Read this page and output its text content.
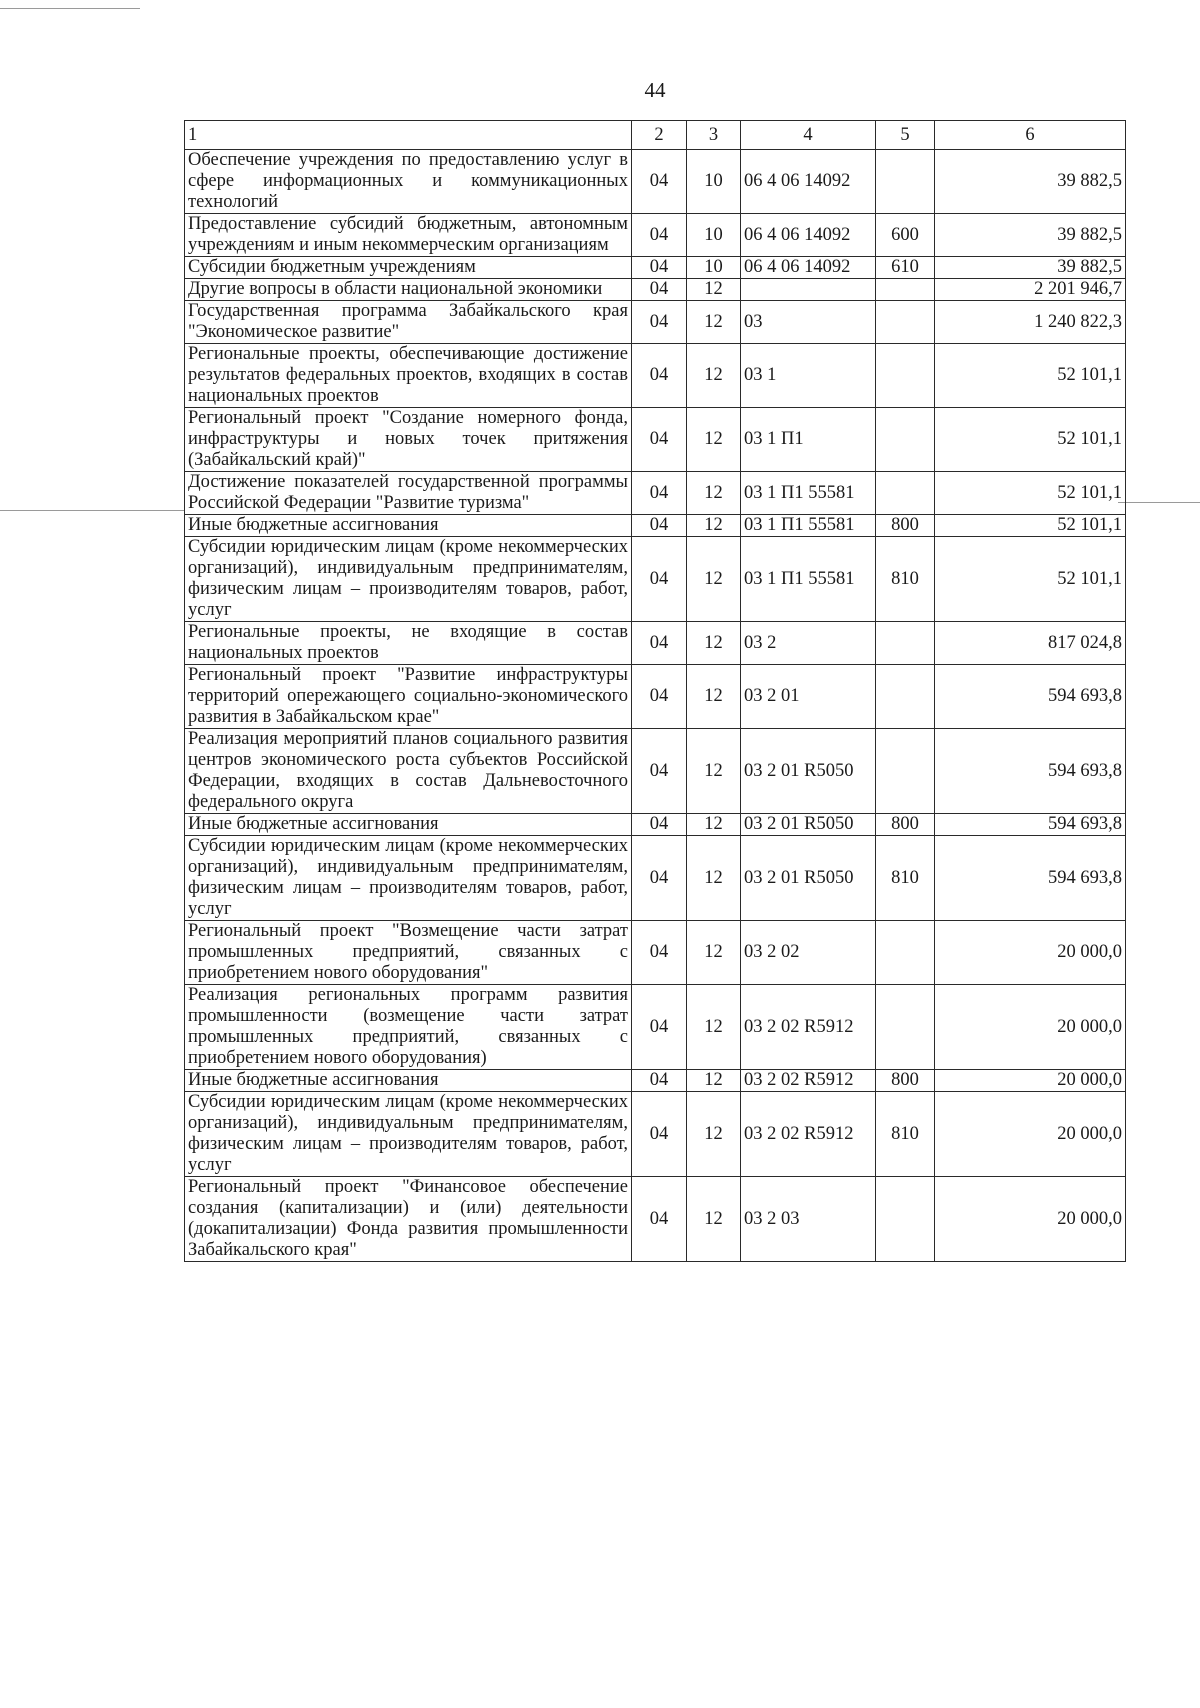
44
1	2	3	4	5	6
Обеспечение учреждения по предоставлению услуг в сфере информационных и коммуникационных технологий	04	10	06 4 06 14092		39 882,5
Предоставление субсидий бюджетным, автономным учреждениям и иным некоммерческим организациям	04	10	06 4 06 14092	600	39 882,5
Субсидии бюджетным учреждениям	04	10	06 4 06 14092	610	39 882,5
Другие вопросы в области национальной экономики	04	12			2 201 946,7
Государственная программа Забайкальского края "Экономическое развитие"	04	12	03		1 240 822,3
Региональные проекты, обеспечивающие достижение результатов федеральных проектов, входящих в состав национальных проектов	04	12	03 1		52 101,1
Региональный проект "Создание номерного фонда, инфраструктуры и новых точек притяжения (Забайкальский край)"	04	12	03 1 П1		52 101,1
Достижение показателей государственной программы Российской Федерации "Развитие туризма"	04	12	03 1 П1 55581		52 101,1
Иные бюджетные ассигнования	04	12	03 1 П1 55581	800	52 101,1
Субсидии юридическим лицам (кроме некоммерческих организаций), индивидуальным предпринимателям, физическим лицам – производителям товаров, работ, услуг	04	12	03 1 П1 55581	810	52 101,1
Региональные проекты, не входящие в состав национальных проектов	04	12	03 2		817 024,8
Региональный проект "Развитие инфраструктуры территорий опережающего социально-экономического развития в Забайкальском крае"	04	12	03 2 01		594 693,8
Реализация мероприятий планов социального развития центров экономического роста субъектов Российской Федерации, входящих в состав Дальневосточного федерального округа	04	12	03 2 01 R5050		594 693,8
Иные бюджетные ассигнования	04	12	03 2 01 R5050	800	594 693,8
Субсидии юридическим лицам (кроме некоммерческих организаций), индивидуальным предпринимателям, физическим лицам – производителям товаров, работ, услуг	04	12	03 2 01 R5050	810	594 693,8
Региональный проект "Возмещение части затрат промышленных предприятий, связанных с приобретением нового оборудования"	04	12	03 2 02		20 000,0
Реализация региональных программ развития промышленности (возмещение части затрат промышленных предприятий, связанных с приобретением нового оборудования)	04	12	03 2 02 R5912		20 000,0
Иные бюджетные ассигнования	04	12	03 2 02 R5912	800	20 000,0
Субсидии юридическим лицам (кроме некоммерческих организаций), индивидуальным предпринимателям, физическим лицам – производителям товаров, работ, услуг	04	12	03 2 02 R5912	810	20 000,0
Региональный проект "Финансовое обеспечение создания (капитализации) и (или) деятельности (докапитализации) Фонда развития промышленности Забайкальского края"	04	12	03 2 03		20 000,0
